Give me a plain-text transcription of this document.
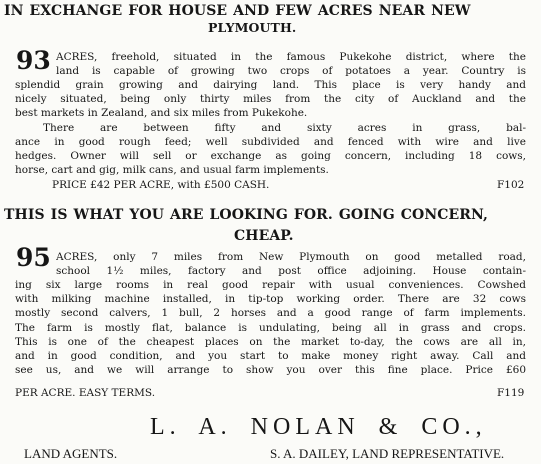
IN EXCHANGE FOR HOUSE AND FEW ACRES NEAR NEW
PLYMOUTH.
93 ACRES, freehold, situated in the famous Pukekohe district, where the
land is capable of growing two crops of potatoes a year. Country is
splendid grain growing and dairying land. This place is very handy and
nicely situated, being only thirty miles from the city of Auckland and the
best markets in Zealand, and six miles from Pukekohe.
There are between fifty and sixty acres in grass, bal-
ance in good rough feed; well subdivided and fenced with wire and live
hedges. Owner will sell or exchange as going concern, including 18 cows,
horse, cart and gig, milk cans, and usual farm implements.
PRICE £42 PER ACRE, with £500 CASH.	F102
THIS IS WHAT YOU ARE LOOKING FOR. GOING CONCERN,
CHEAP.
95 ACRES, only 7 miles from New Plymouth on good metalled road,
school 1½ miles, factory and post office adjoining. House contain-
ing six large rooms in real good repair with usual conveniences. Cowshed
with milking machine installed, in tip-top working order. There are 32 cows
mostly second calvers, 1 bull, 2 horses and a good range of farm implements.
The farm is mostly flat, balance is undulating, being all in grass and crops.
This is one of the cheapest places on the market to-day, the cows are all in,
and in good condition, and you start to make money right away. Call and
see us, and we will arrange to show you over this fine place. Price £60
PER ACRE. EASY TERMS.	F119
L. A. NOLAN & CO.,
LAND AGENTS.	S. A. DAILEY, LAND REPRESENTATIVE.
